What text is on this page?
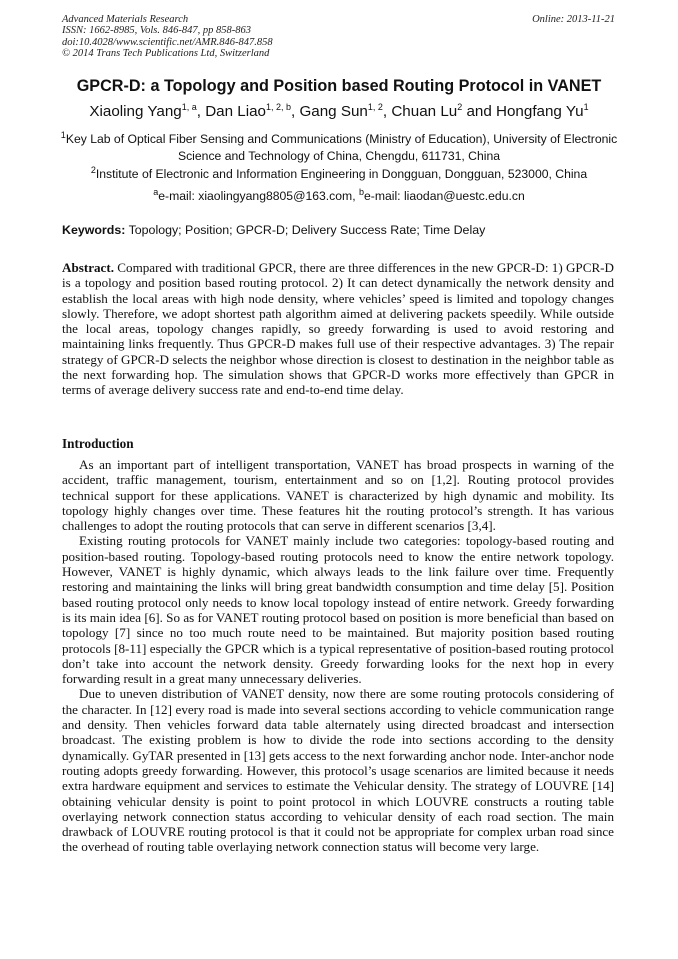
Advanced Materials Research
ISSN: 1662-8985, Vols. 846-847, pp 858-863
doi:10.4028/www.scientific.net/AMR.846-847.858
© 2014 Trans Tech Publications Ltd, Switzerland
Online: 2013-11-21
GPCR-D: a Topology and Position based Routing Protocol in VANET
Xiaoling Yang$^{1, a}$, Dan Liao$^{1, 2, b}$, Gang Sun$^{1, 2}$, Chuan Lu$^2$ and Hongfang Yu$^1$
$^1$Key Lab of Optical Fiber Sensing and Communications (Ministry of Education), University of Electronic Science and Technology of China, Chengdu, 611731, China
$^2$Institute of Electronic and Information Engineering in Dongguan, Dongguan, 523000, China
$^a$e-mail: xiaolingyang8805@163.com, $^b$e-mail: liaodan@uestc.edu.cn
Keywords: Topology; Position; GPCR-D; Delivery Success Rate; Time Delay
Abstract. Compared with traditional GPCR, there are three differences in the new GPCR-D: 1) GPCR-D is a topology and position based routing protocol. 2) It can detect dynamically the network density and establish the local areas with high node density, where vehicles’ speed is limited and topology changes slowly. Therefore, we adopt shortest path algorithm aimed at delivering packets speedily. While outside the local areas, topology changes rapidly, so greedy forwarding is used to avoid restoring and maintaining links frequently. Thus GPCR-D makes full use of their respective advantages. 3) The repair strategy of GPCR-D selects the neighbor whose direction is closest to destination in the neighbor table as the next forwarding hop. The simulation shows that GPCR-D works more effectively than GPCR in terms of average delivery success rate and end-to-end time delay.
Introduction

As an important part of intelligent transportation, VANET has broad prospects in warning of the accident, traffic management, tourism, entertainment and so on [1,2]. Routing protocol provides technical support for these applications. VANET is characterized by high dynamic and mobility. Its topology highly changes over time. These features hit the routing protocol’s strength. It has various challenges to adopt the routing protocols that can serve in different scenarios [3,4].

Existing routing protocols for VANET mainly include two categories: topology-based routing and position-based routing. Topology-based routing protocols need to know the entire network topology. However, VANET is highly dynamic, which always leads to the link failure over time. Frequently restoring and maintaining the links will bring great bandwidth consumption and time delay [5]. Position based routing protocol only needs to know local topology instead of entire network. Greedy forwarding is its main idea [6]. So as for VANET routing protocol based on position is more beneficial than based on topology [7] since no too much route need to be maintained. But majority position based routing protocols [8-11] especially the GPCR which is a typical representative of position-based routing protocol don’t take into account the network density. Greedy forwarding looks for the next hop in every forwarding result in a great many unnecessary deliveries.

Due to uneven distribution of VANET density, now there are some routing protocols considering of the character. In [12] every road is made into several sections according to vehicle communication range and density. Then vehicles forward data table alternately using directed broadcast and intersection broadcast. The existing problem is how to divide the rode into sections according to the density dynamically. GyTAR presented in [13] gets access to the next forwarding anchor node. Inter-anchor node routing adopts greedy forwarding. However, this protocol’s usage scenarios are limited because it needs extra hardware equipment and services to estimate the Vehicular density. The strategy of LOUVRE [14] obtaining vehicular density is point to point protocol in which LOUVRE constructs a routing table overlaying network connection status according to vehicular density of each road section. The main drawback of LOUVRE routing protocol is that it could not be appropriate for complex urban road since the overhead of routing table overlaying network connection status will become very large.
